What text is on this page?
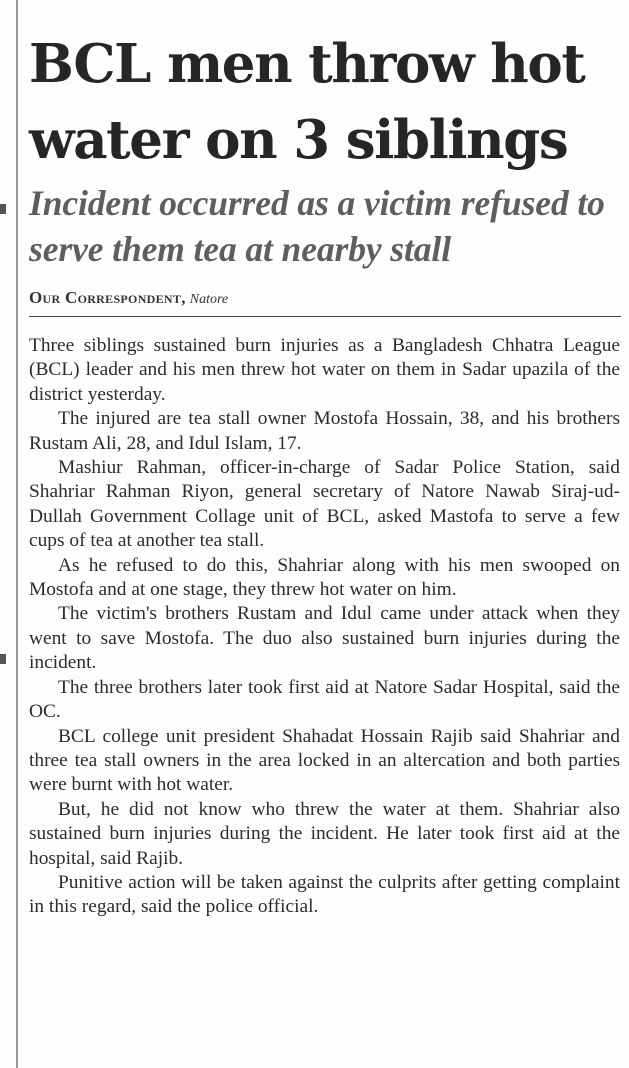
BCL men throw hot water on 3 siblings
Incident occurred as a victim refused to serve them tea at nearby stall
Our Correspondent, Natore

Three siblings sustained burn injuries as a Bangladesh Chhatra League (BCL) leader and his men threw hot water on them in Sadar upazila of the district yesterday.

The injured are tea stall owner Mostofa Hossain, 38, and his brothers Rustam Ali, 28, and Idul Islam, 17.

Mashiur Rahman, officer-in-charge of Sadar Police Station, said Shahriar Rahman Riyon, general secretary of Natore Nawab Siraj-ud-Dullah Government Collage unit of BCL, asked Mastofa to serve a few cups of tea at another tea stall.

As he refused to do this, Shahriar along with his men swooped on Mostofa and at one stage, they threw hot water on him.

The victim's brothers Rustam and Idul came under attack when they went to save Mostofa. The duo also sustained burn injuries during the incident.

The three brothers later took first aid at Natore Sadar Hospital, said the OC.

BCL college unit president Shahadat Hossain Rajib said Shahriar and three tea stall owners in the area locked in an altercation and both parties were burnt with hot water.

But, he did not know who threw the water at them. Shahriar also sustained burn injuries during the incident. He later took first aid at the hospital, said Rajib.

Punitive action will be taken against the culprits after getting complaint in this regard, said the police official.
